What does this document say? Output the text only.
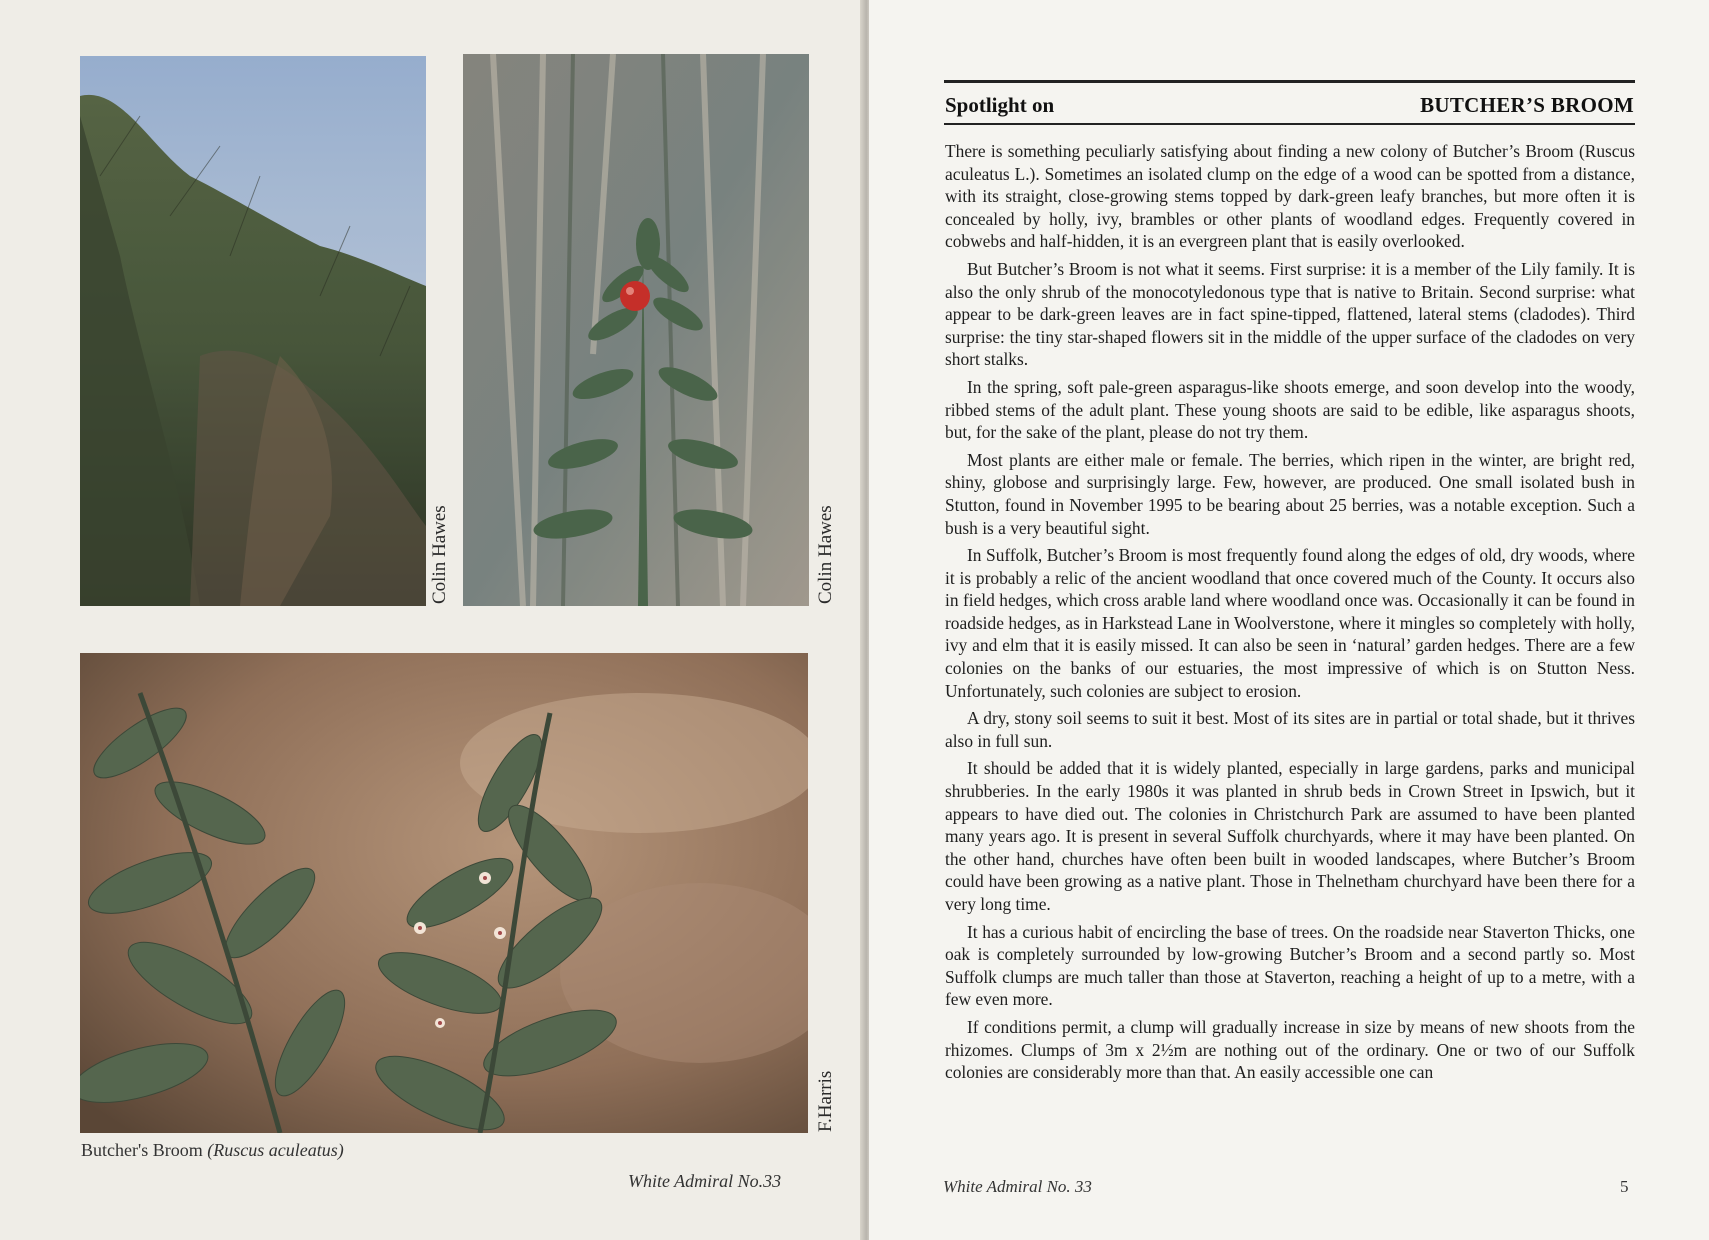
Colin Hawes	Colin Hawes
F.Harris
Butcher's Broom (Ruscus aculeatus)
White Admiral No.33
Spotlight on	BUTCHER’S BROOM

There is something peculiarly satisfying about finding a new colony of Butcher’s Broom (Ruscus aculeatus L.). Sometimes an isolated clump on the edge of a wood can be spotted from a distance, with its straight, close-growing stems topped by dark-green leafy branches, but more often it is concealed by holly, ivy, brambles or other plants of woodland edges. Frequently covered in cobwebs and half-hidden, it is an evergreen plant that is easily overlooked.

But Butcher’s Broom is not what it seems. First surprise: it is a member of the Lily family. It is also the only shrub of the monocotyledonous type that is native to Britain. Second surprise: what appear to be dark-green leaves are in fact spine-tipped, flattened, lateral stems (cladodes). Third surprise: the tiny star-shaped flowers sit in the middle of the upper surface of the cladodes on very short stalks.

In the spring, soft pale-green asparagus-like shoots emerge, and soon develop into the woody, ribbed stems of the adult plant. These young shoots are said to be edible, like asparagus shoots, but, for the sake of the plant, please do not try them.

Most plants are either male or female. The berries, which ripen in the winter, are bright red, shiny, globose and surprisingly large. Few, however, are produced. One small isolated bush in Stutton, found in November 1995 to be bearing about 25 berries, was a notable exception. Such a bush is a very beautiful sight.

In Suffolk, Butcher’s Broom is most frequently found along the edges of old, dry woods, where it is probably a relic of the ancient woodland that once covered much of the County. It occurs also in field hedges, which cross arable land where woodland once was. Occasionally it can be found in roadside hedges, as in Harkstead Lane in Woolverstone, where it mingles so completely with holly, ivy and elm that it is easily missed. It can also be seen in ‘natural’ garden hedges. There are a few colonies on the banks of our estuaries, the most impressive of which is on Stutton Ness. Unfortunately, such colonies are subject to erosion.

A dry, stony soil seems to suit it best. Most of its sites are in partial or total shade, but it thrives also in full sun.

It should be added that it is widely planted, especially in large gardens, parks and municipal shrubberies. In the early 1980s it was planted in shrub beds in Crown Street in Ipswich, but it appears to have died out. The colonies in Christchurch Park are assumed to have been planted many years ago. It is present in several Suffolk churchyards, where it may have been planted. On the other hand, churches have often been built in wooded landscapes, where Butcher’s Broom could have been growing as a native plant. Those in Thelnetham churchyard have been there for a very long time.

It has a curious habit of encircling the base of trees. On the roadside near Staverton Thicks, one oak is completely surrounded by low-growing Butcher’s Broom and a second partly so. Most Suffolk clumps are much taller than those at Staverton, reaching a height of up to a metre, with a few even more.

If conditions permit, a clump will gradually increase in size by means of new shoots from the rhizomes. Clumps of 3m x 2½m are nothing out of the ordinary. One or two of our Suffolk colonies are considerably more than that. An easily accessible one can

White Admiral No. 33	5
